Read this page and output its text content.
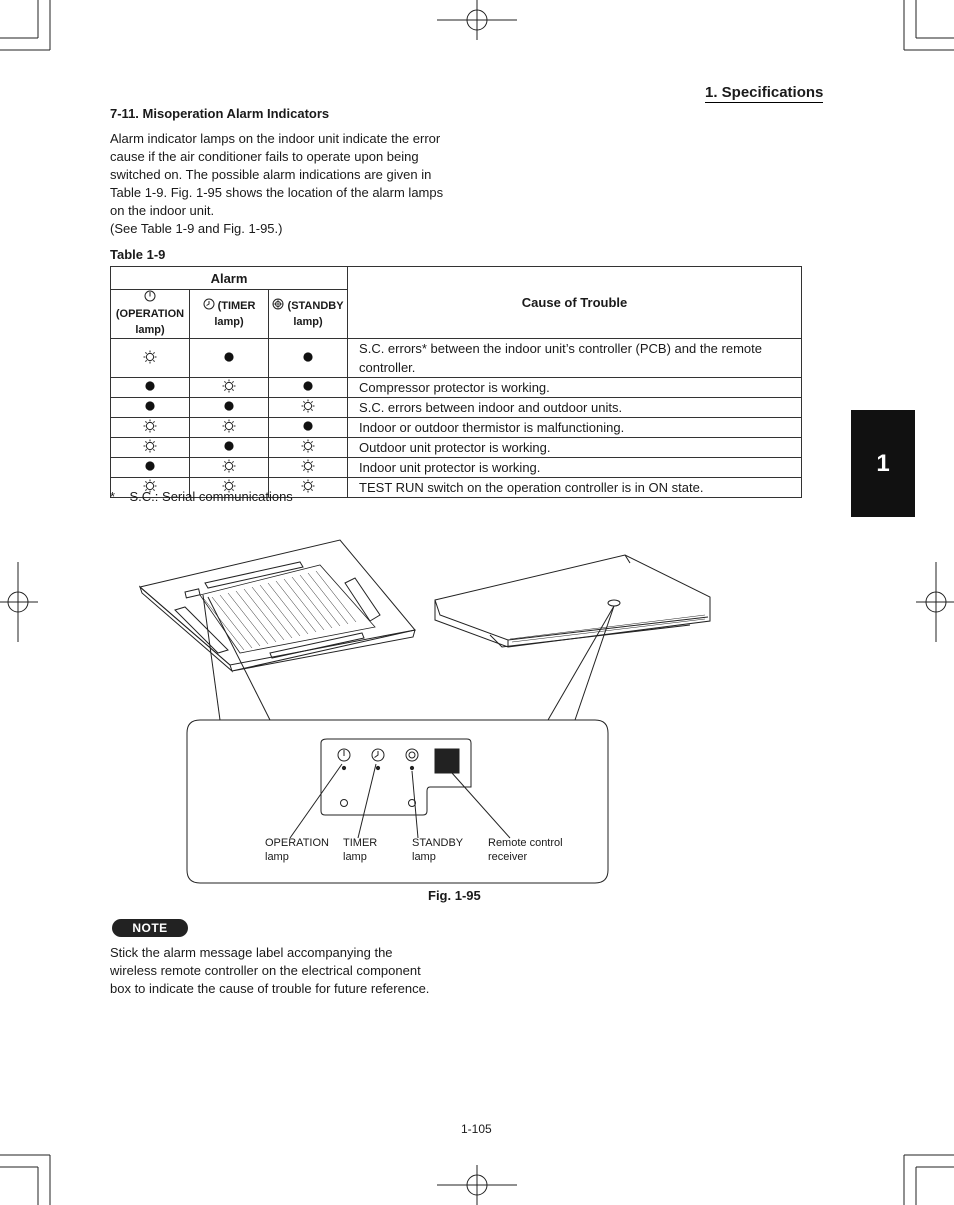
1. Specifications
7-11. Misoperation Alarm Indicators

Alarm indicator lamps on the indoor unit indicate the error

cause if the air conditioner fails to operate upon being

switched on. The possible alarm indications are given in

Table 1-9. Fig. 1-95 shows the location of the alarm lamps

on the indoor unit.

(See Table 1-9 and Fig. 1-95.)

Table 1-9
Alarm			Cause of Trouble
(OPERATION
lamp)	(TIMER
lamp)	(STANDBY
lamp)	
			S.C. errors* between the indoor unit’s controller (PCB) and the remote controller.
			Compressor protector is working.
			S.C. errors between indoor and outdoor units.
			Indoor or outdoor thermistor is malfunctioning.
			Outdoor unit protector is working.
			Indoor unit protector is working.
			TEST RUN switch on the operation controller is in ON state.
* S.C.: Serial communications
1
OPERATION
lamp
TIMER
lamp
STANDBY
lamp
Remote control
receiver
Fig. 1-95
NOTE
Stick the alarm message label accompanying the
wireless remote controller on the electrical component
box to indicate the cause of trouble for future reference.
1-105
